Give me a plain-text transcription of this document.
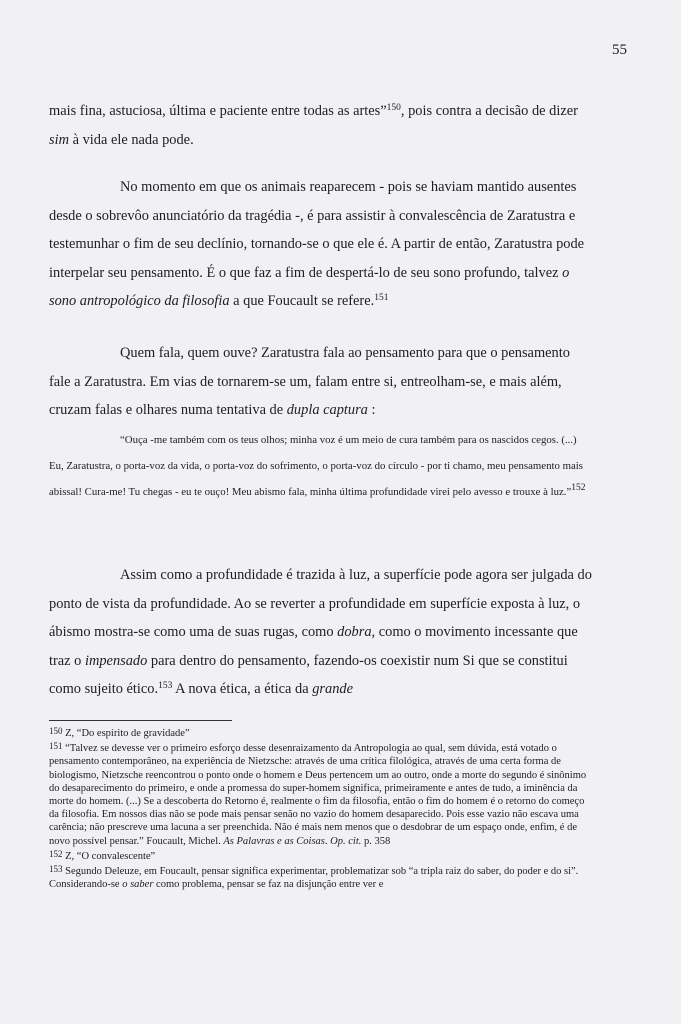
55

mais fina, astuciosa, última e paciente entre todas as artes”$^{150}$, pois contra a decisão de dizer sim à vida ele nada pode.

No momento em que os animais reaparecem - pois se haviam mantido ausentes desde o sobrevôo anunciatório da tragédia -, é para assistir à convalescência de Zaratustra e testemunhar o fim de seu declínio, tornando-se o que ele é. A partir de então, Zaratustra pode interpelar seu pensamento. É o que faz a fim de despertá-lo de seu sono profundo, talvez o sono antropológico da filosofia a que Foucault se refere.$^{151}$

Quem fala, quem ouve? Zaratustra fala ao pensamento para que o pensamento fale a Zaratustra. Em vias de tornarem-se um, falam entre si, entreolham-se, e mais além, cruzam falas e olhares numa tentativa de dupla captura :

“Ouça -me também com os teus olhos; minha voz é um meio de cura também para os nascidos cegos. (...) Eu, Zaratustra, o porta-voz da vida, o porta-voz do sofrimento, o porta-voz do círculo - por ti chamo, meu pensamento mais abissal! Cura-me! Tu chegas - eu te ouço! Meu abismo fala, minha última profundidade virei pelo avesso e trouxe à luz.”$^{152}$

Assim como a profundidade é trazida à luz, a superfície pode agora ser julgada do ponto de vista da profundidade. Ao se reverter a profundidade em superfície exposta à luz, o ábismo mostra-se como uma de suas rugas, como dobra, como o movimento incessante que traz o impensado para dentro do pensamento, fazendo-os coexistir num Si que se constitui como sujeito ético.$^{153}$ A nova ética, a ética da grande

150 Z, “Do espírito de gravidade”

151 “Talvez se devesse ver o primeiro esforço desse desenraizamento da Antropologia ao qual, sem dúvida, está votado o pensamento contemporâneo, na experiência de Nietzsche: através de uma crítica filológica, através de uma certa forma de biologismo, Nietzsche reencontrou o ponto onde o homem e Deus pertencem um ao outro, onde a morte do segundo é sinônimo do desaparecimento do primeiro, e onde a promessa do super-homem significa, primeiramente e antes de tudo, a iminência da morte do homem. (...) Se a descoberta do Retorno é, realmente o fim da filosofia, então o fim do homem é o retorno do começo da filosofia. Em nossos dias não se pode mais pensar senão no vazio do homem desaparecido. Pois esse vazio não escava uma carência; não prescreve uma lacuna a ser preenchida. Não é mais nem menos que o desdobrar de um espaço onde, enfim, é de novo possível pensar.” Foucault, Michel. As Palavras e as Coisas. Op. cit. p. 358

152 Z, “O convalescente”

153 Segundo Deleuze, em Foucault, pensar significa experimentar, problematizar sob “a tripla raiz do saber, do poder e do si”. Considerando-se o saber como problema, pensar se faz na disjunção entre ver e
